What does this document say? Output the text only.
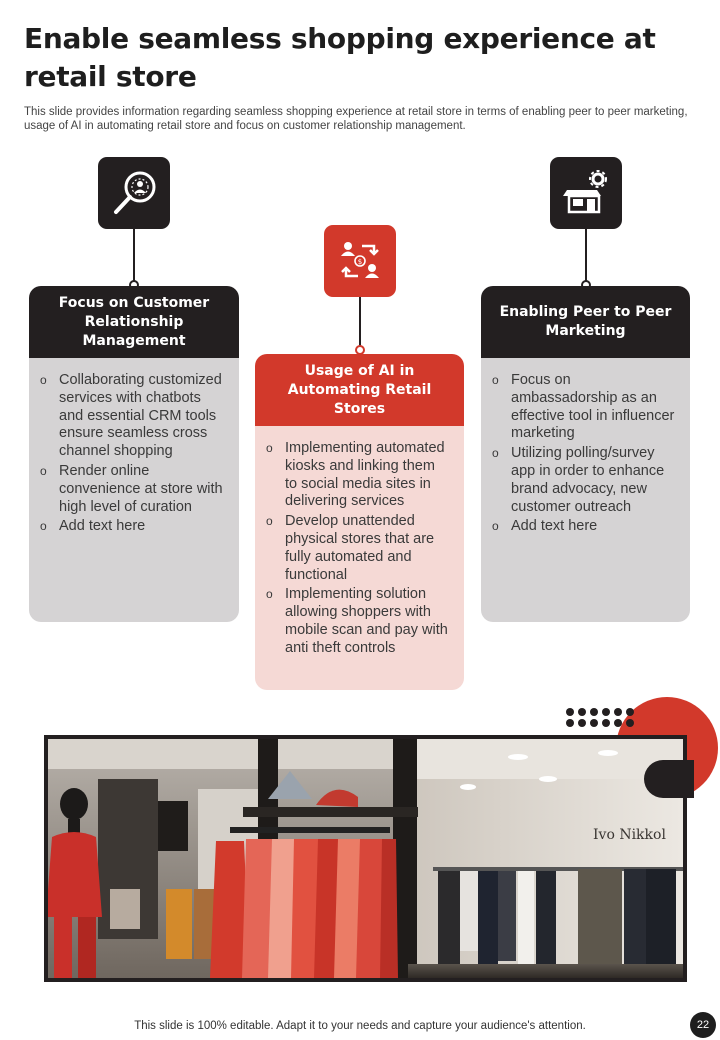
Enable seamless shopping experience at retail store
This slide provides information regarding seamless shopping experience at retail store in terms of enabling peer to peer marketing, usage of AI in automating retail store and focus on customer relationship management.
$
Focus on Customer Relationship Management
o Collaborating customized services with chatbots and essential CRM tools ensure seamless cross channel shopping
o Render online convenience at store with high level of curation
o Add text here
Usage of AI in Automating Retail Stores
o Implementing automated kiosks and linking them to social media sites in delivering services
o Develop unattended physical stores that are fully automated and functional
o Implementing solution allowing shoppers with mobile scan and pay with anti theft controls
Enabling Peer to Peer Marketing
o Focus on ambassadorship as an effective tool in influencer marketing
o Utilizing polling/survey app in order to enhance brand advocacy, new customer outreach
o Add text here
Ivo Nikkol
This slide is 100% editable. Adapt it to your needs and capture your audience's attention.	22
